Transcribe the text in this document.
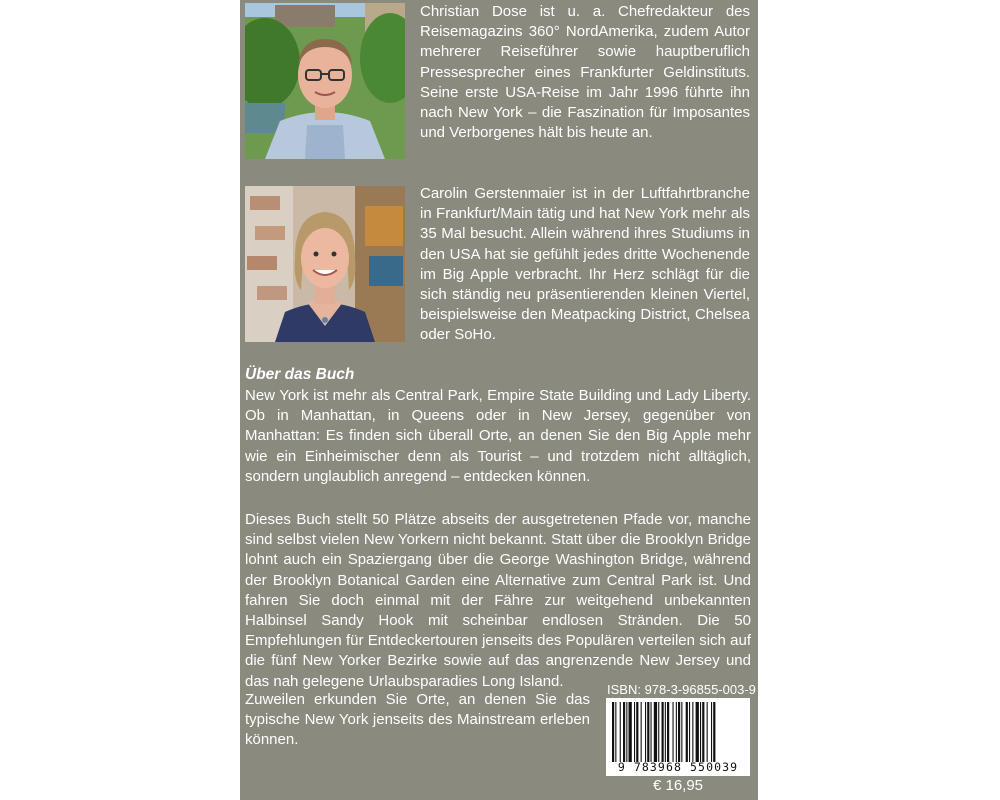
Christian Dose ist u. a. Chefredakteur des Reisemagazins 360° NordAmerika, zudem Autor mehrerer Reiseführer sowie hauptberuflich Pressesprecher eines Frankfurter Geldinstituts. Seine erste USA-Reise im Jahr 1996 führte ihn nach New York – die Faszination für Imposantes und Verborgenes hält bis heute an.
Carolin Gerstenmaier ist in der Luftfahrtbranche in Frankfurt/Main tätig und hat New York mehr als 35 Mal besucht. Allein während ihres Studiums in den USA hat sie gefühlt jedes dritte Wochenende im Big Apple verbracht. Ihr Herz schlägt für die sich ständig neu präsentierenden kleinen Viertel, beispielsweise den Meatpacking District, Chelsea oder SoHo.
Über das Buch
New York ist mehr als Central Park, Empire State Building und Lady Liberty. Ob in Manhattan, in Queens oder in New Jersey, gegenüber von Manhattan: Es finden sich überall Orte, an denen Sie den Big Apple mehr wie ein Einheimischer denn als Tourist – und trotzdem nicht alltäglich, sondern unglaublich anregend – entdecken können.
Dieses Buch stellt 50 Plätze abseits der ausgetretenen Pfade vor, manche sind selbst vielen New Yorkern nicht bekannt. Statt über die Brooklyn Bridge lohnt auch ein Spaziergang über die George Washington Bridge, während der Brooklyn Botanical Garden eine Alternative zum Central Park ist. Und fahren Sie doch einmal mit der Fähre zur weitgehend unbekannten Halbinsel Sandy Hook mit scheinbar endlosen Stränden. Die 50 Empfehlungen für Entdeckertouren jenseits des Populären verteilen sich auf die fünf New Yorker Bezirke sowie auf das angrenzende New Jersey und das nah gelegene Urlaubsparadies Long Island.
Zuweilen erkunden Sie Orte, an denen Sie das typische New York jenseits des Mainstream erleben können.
ISBN: 978-3-96855-003-9
9 783968 550039
€ 16,95
